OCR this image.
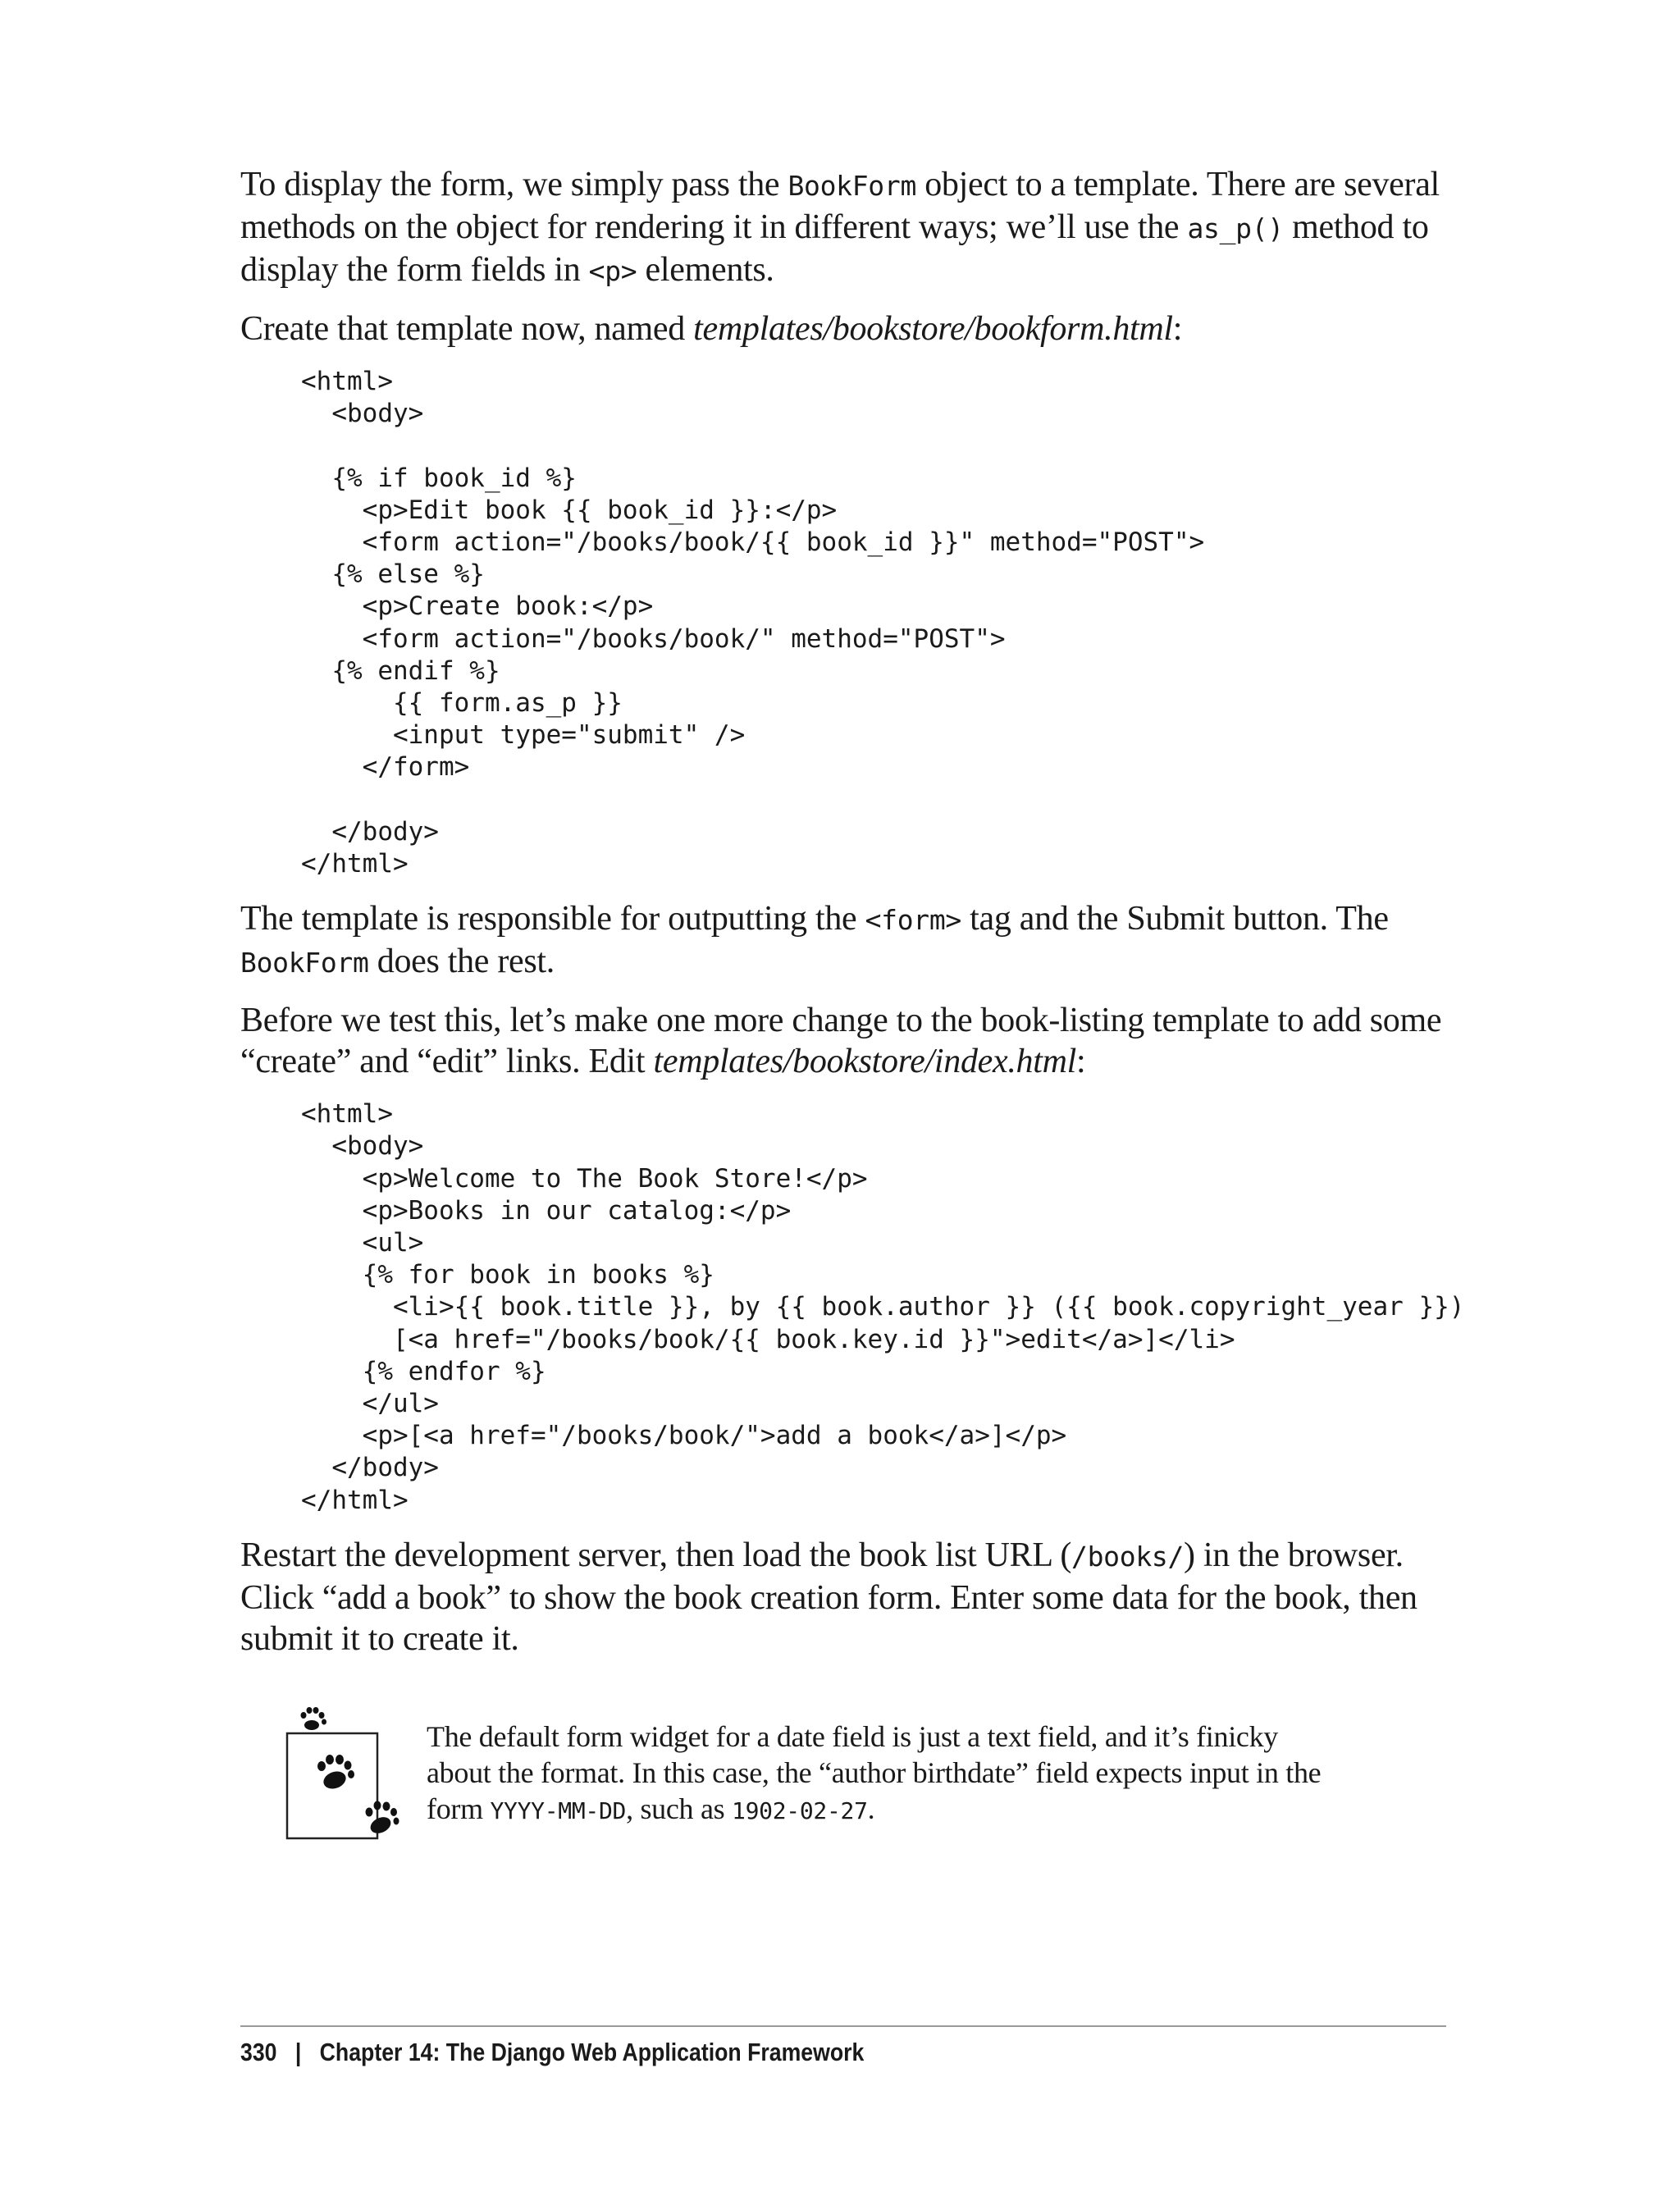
To display the form, we simply pass the BookForm object to a template. There are several methods on the object for rendering it in different ways; we’ll use the as_p() method to display the form fields in <p> elements.

Create that template now, named templates/bookstore/bookform.html:

<html>
<body>

{% if book_id %}
<p>Edit book {{ book_id }}:</p>
<form action="/books/book/{{ book_id }}" method="POST">
{% else %}
<p>Create book:</p>
<form action="/books/book/" method="POST">
{% endif %}
{{ form.as_p }}
<input type="submit" />
</form>

</body>
</html>

The template is responsible for outputting the <form> tag and the Submit button. The BookForm does the rest.

Before we test this, let’s make one more change to the book-listing template to add some “create” and “edit” links. Edit templates/bookstore/index.html:

<html>
<body>
<p>Welcome to The Book Store!</p>
<p>Books in our catalog:</p>
<ul>
{% for book in books %}
<li>{{ book.title }}, by {{ book.author }} ({{ book.copyright_year }})
[<a href="/books/book/{{ book.key.id }}">edit</a>]</li>
{% endfor %}
</ul>
<p>[<a href="/books/book/">add a book</a>]</p>
</body>
</html>

Restart the development server, then load the book list URL (/books/) in the browser. Click “add a book” to show the book creation form. Enter some data for the book, then submit it to create it.

The default form widget for a date field is just a text field, and it’s finicky about the format. In this case, the “author birthdate” field expects input in the form YYYY-MM-DD, such as 1902-02-27.
330 | Chapter 14: The Django Web Application Framework
